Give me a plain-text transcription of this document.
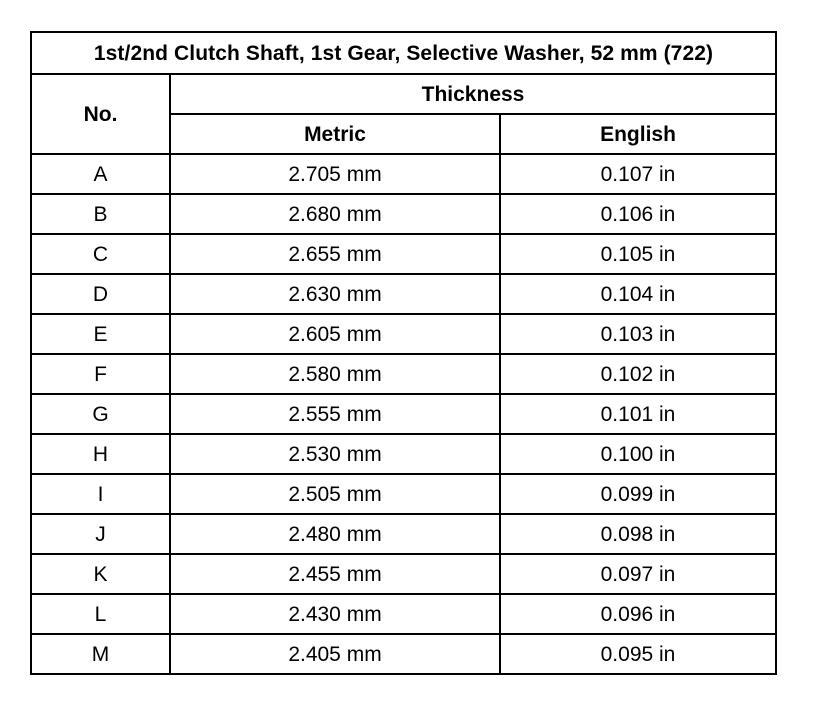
1st/2nd Clutch Shaft, 1st Gear, Selective Washer, 52 mm (722)		
No.	Thickness	
	Metric	English
A	2.705 mm	0.107 in
B	2.680 mm	0.106 in
C	2.655 mm	0.105 in
D	2.630 mm	0.104 in
E	2.605 mm	0.103 in
F	2.580 mm	0.102 in
G	2.555 mm	0.101 in
H	2.530 mm	0.100 in
I	2.505 mm	0.099 in
J	2.480 mm	0.098 in
K	2.455 mm	0.097 in
L	2.430 mm	0.096 in
M	2.405 mm	0.095 in
